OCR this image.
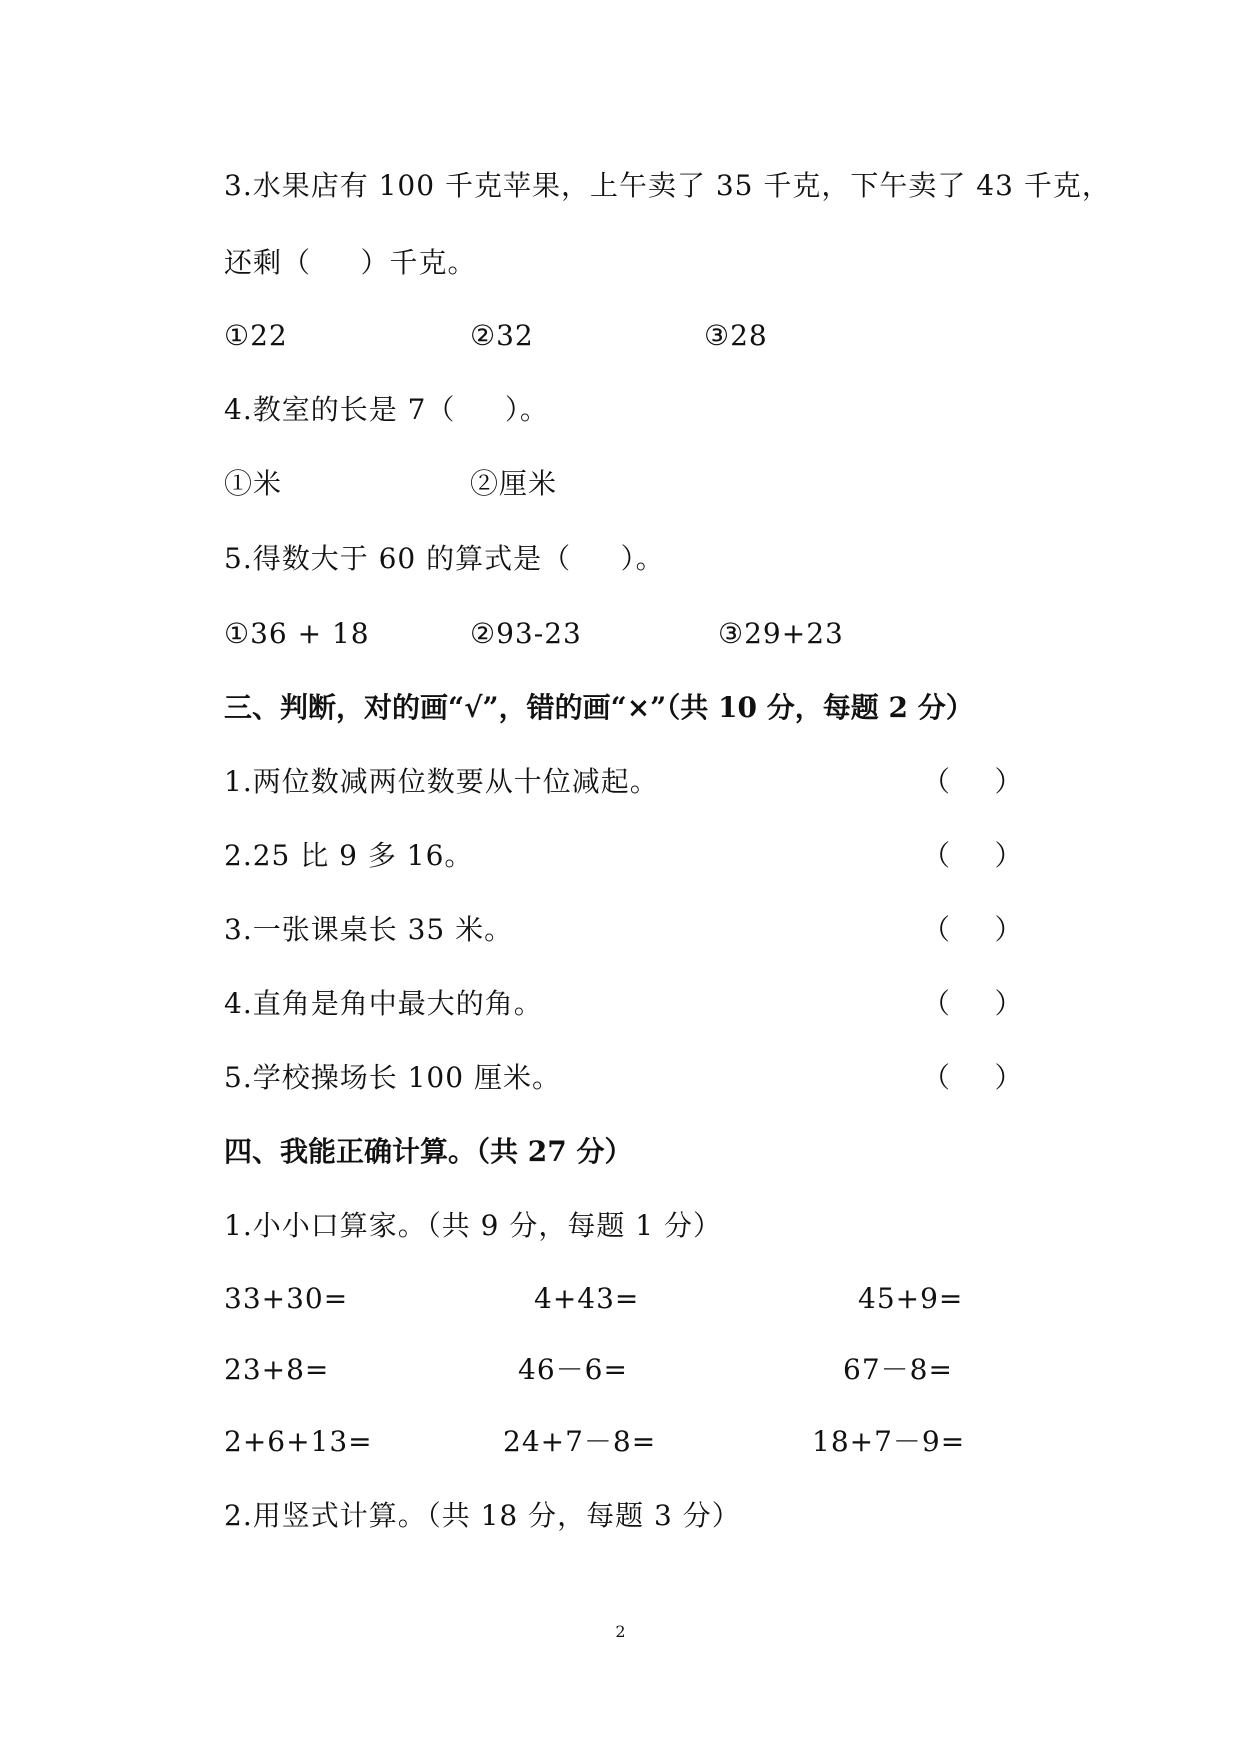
3.水果店有 100 千克苹果，上午卖了 35 千克，下午卖了 43 千克，
还剩（     ）千克。
①22	②32	③28
4.教室的长是 7（     ）。
①米	②厘米
5.得数大于 60 的算式是（     ）。
①36 + 18	②93-23	③29+23
三、判断，对的画“√”，错的画“×”（共 10 分，每题 2 分）
1.两位数减两位数要从十位减起。	（     ）
2.25 比 9 多 16。	（     ）
3.一张课桌长 35 米。	（     ）
4.直角是角中最大的角。	（     ）
5.学校操场长 100 厘米。	（     ）
四、我能正确计算。（共 27 分）
1.小小口算家。（共 9 分，每题 1 分）
33+30=	4+43=	45+9=
23+8=	46－6=	67－8=
2+6+13=	24+7－8=	18+7－9=
2.用竖式计算。（共 18 分，每题 3 分）
2
